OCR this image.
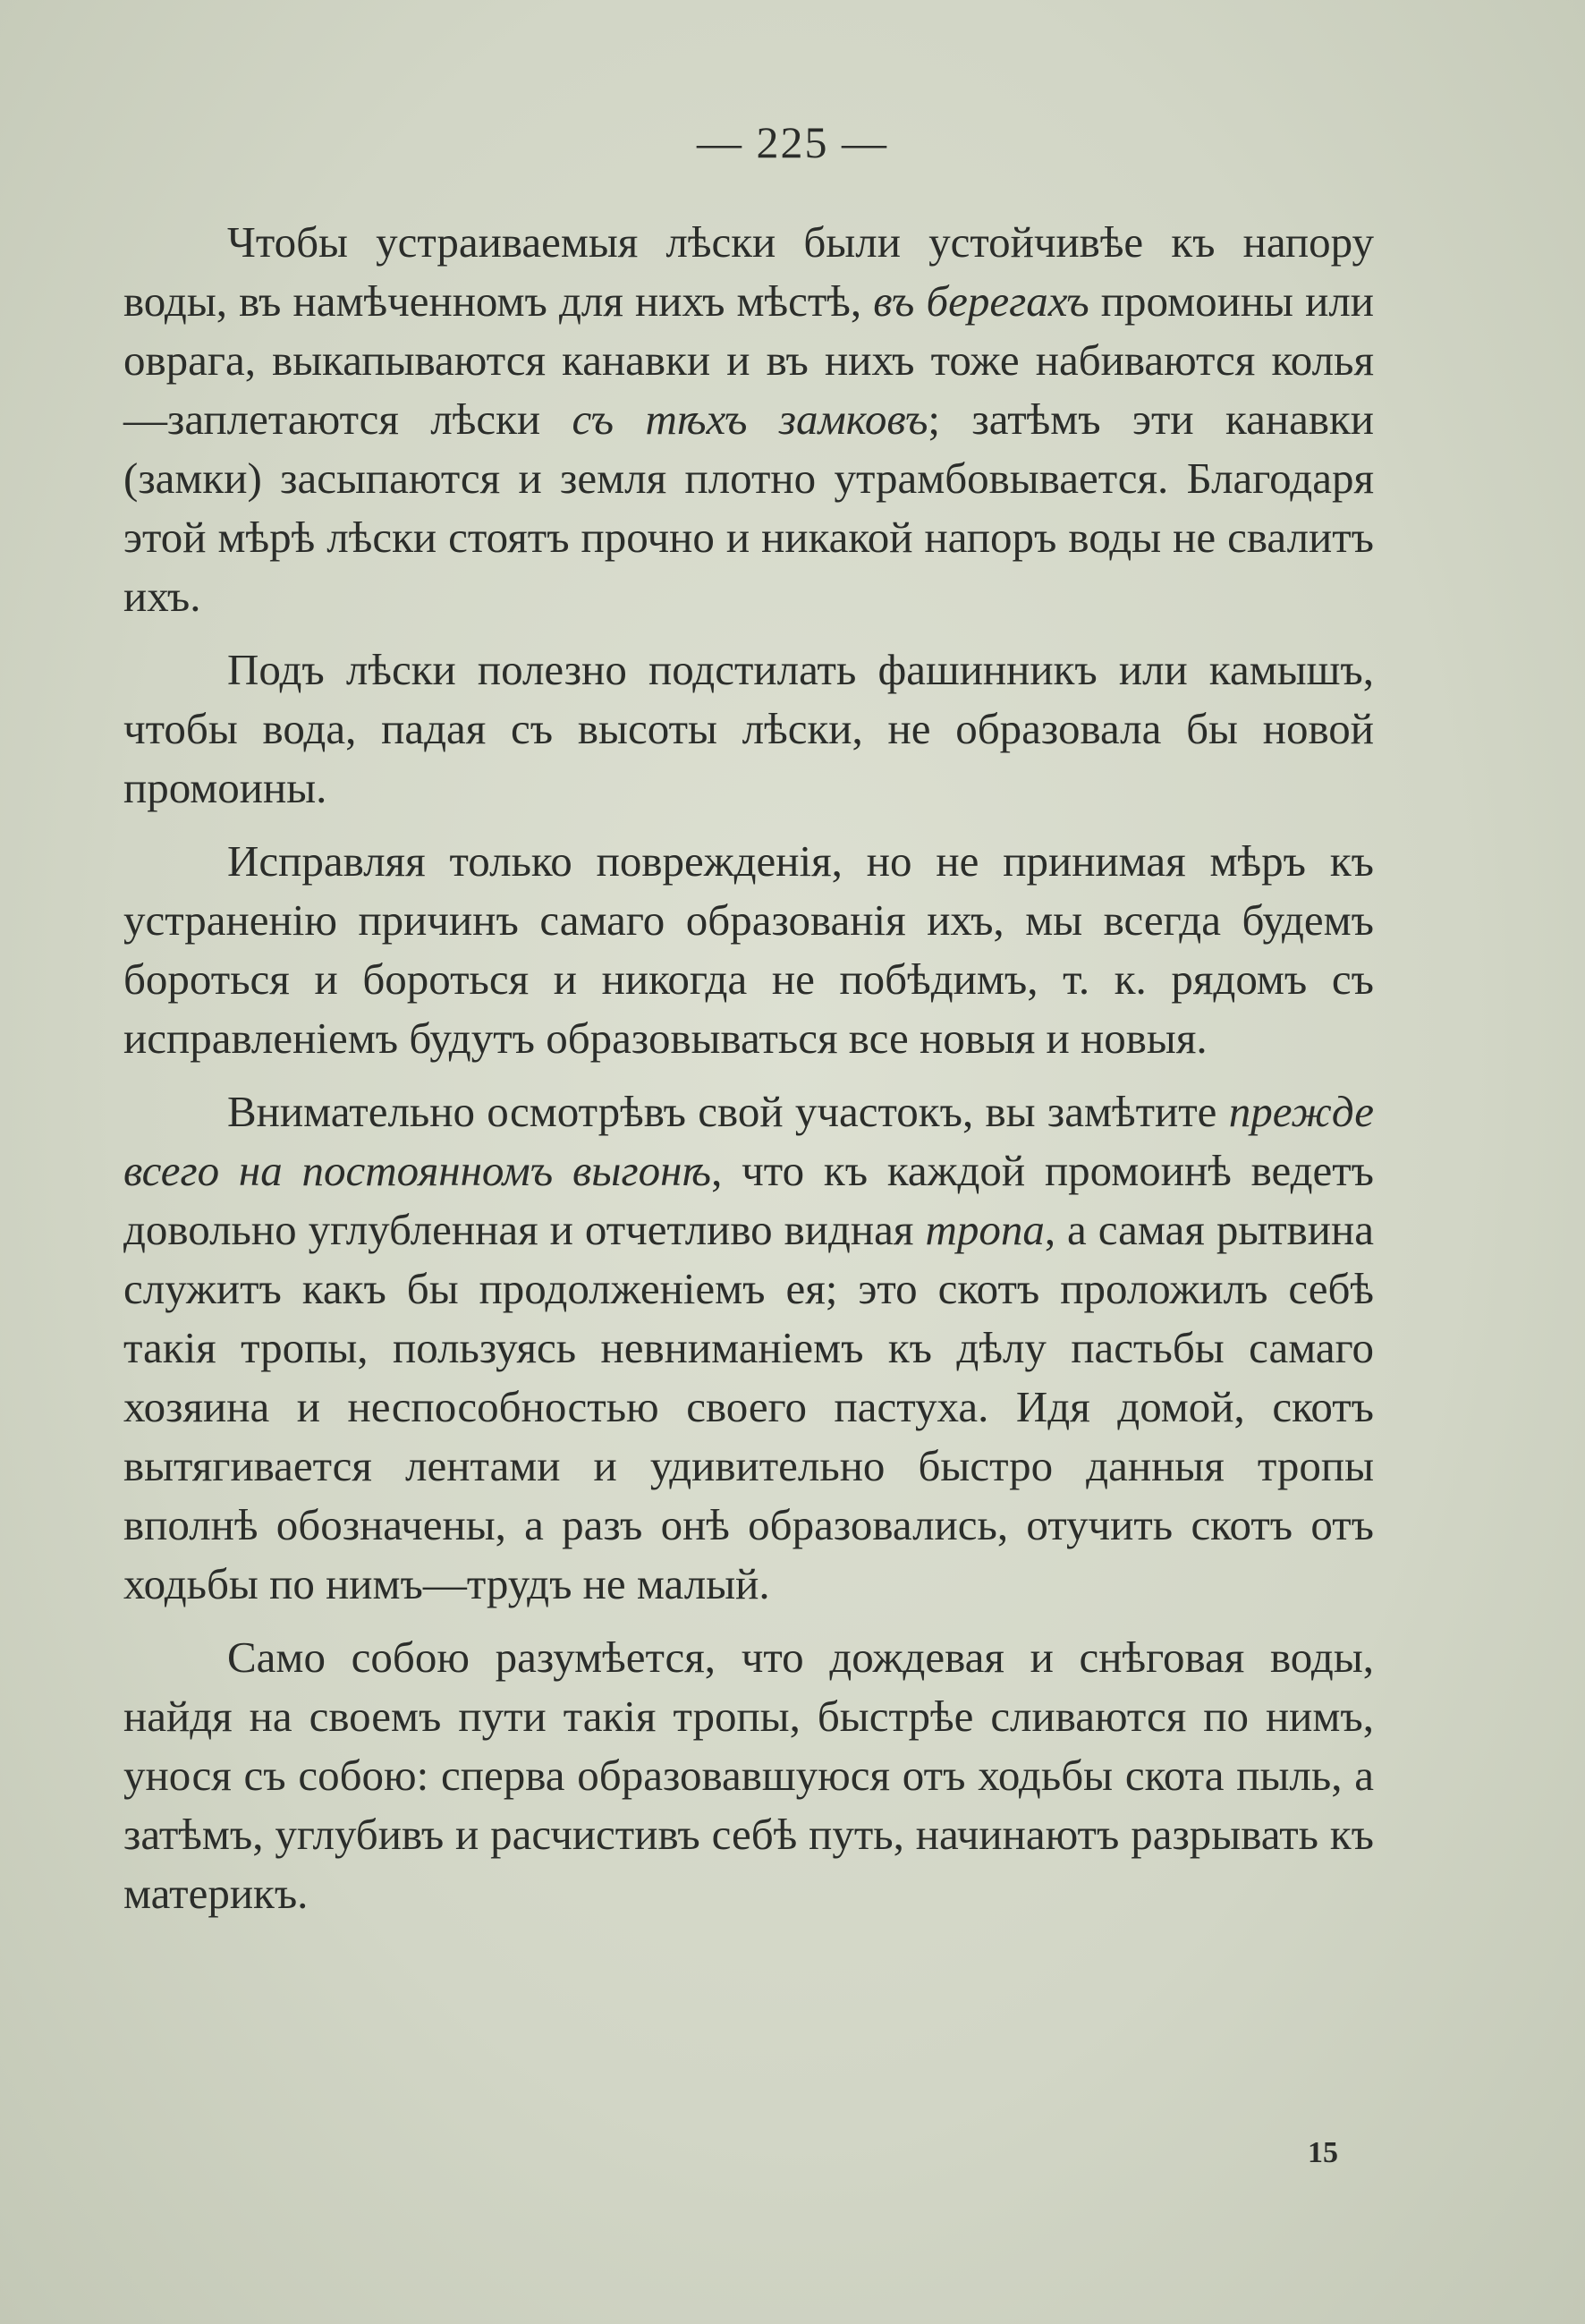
— 225 —

Чтобы устраиваемыя лѣски были устойчивѣе къ напору воды, въ намѣченномъ для нихъ мѣстѣ, въ берегахъ промоины или оврага, выкапываются канавки и въ нихъ тоже набиваются колья—заплетаются лѣски съ тѣхъ замковъ; затѣмъ эти канавки (замки) засыпаются и земля плотно утрамбовывается. Благодаря этой мѣрѣ лѣски стоятъ прочно и никакой напоръ воды не свалитъ ихъ.

Подъ лѣски полезно подстилать фашинникъ или камышъ, чтобы вода, падая съ высоты лѣски, не образовала бы новой промоины.

Исправляя только поврежденія, но не принимая мѣръ къ устраненію причинъ самаго образованія ихъ, мы всегда будемъ бороться и бороться и никогда не побѣдимъ, т. к. рядомъ съ исправленіемъ будутъ образовываться все новыя и новыя.

Внимательно осмотрѣвъ свой участокъ, вы замѣтите прежде всего на постоянномъ выгонѣ, что къ каждой промоинѣ ведетъ довольно углубленная и отчетливо видная тропа, а самая рытвина служитъ какъ бы продолженіемъ ея; это скотъ проложилъ себѣ такія тропы, пользуясь невниманіемъ къ дѣлу пастьбы самаго хозяина и неспособностью своего пастуха. Идя домой, скотъ вытягивается лентами и удивительно быстро данныя тропы вполнѣ обозначены, а разъ онѣ образовались, отучить скотъ отъ ходьбы по нимъ—трудъ не малый.

Само собою разумѣется, что дождевая и снѣговая воды, найдя на своемъ пути такія тропы, быстрѣе сливаются по нимъ, унося съ собою: сперва образовавшуюся отъ ходьбы скота пыль, а затѣмъ, углубивъ и расчистивъ себѣ путь, начинаютъ разрывать къ материкъ.

15
